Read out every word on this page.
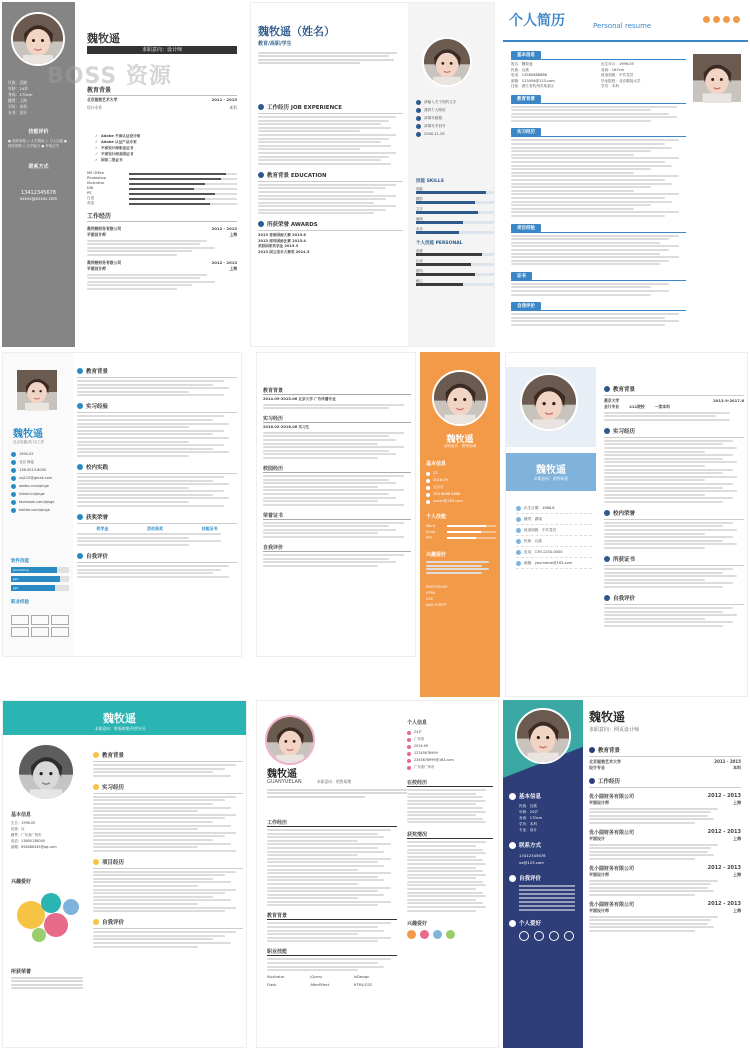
民族：汉族
年龄：24岁
身高：170cm
籍贯：上海
学历：本科
专业：设计
技能评价
● 熟练掌握 ○ 大学期间 ○ 与人沟通 ● 熟练掌握 ○ 自学能力 ● 考取证书
联系方式
13412345678
xxxxx@xxxxx.com
魏牧遥
求职意向：设计师
BOSS 资源
教育背景
北京服装艺术大学	2011 - 2015
设计专业	本科
✓ Adobe 平面认证设计师
✓ Adobe 认证产品专家
✓ 平面设计师职业证书
✓ 平面设计师高级证书
✓ 国家二级证书
MS Office
Photoshop
Illustrator
DW
PS
日语
英语
工作经历
奥利格财务有限公司	2012 - 2013
平面设计师	上海
奥利格财务有限公司	2012 - 2013
平面设计师	上海
魏牧遥（姓名）
教育/高职/学生
工作经历 JOB EXPERIENCE
教育背景 EDUCATION
所获荣誉 AWARDS
2013 香港国画大赛 2015.6
2013 深圳国画比赛 2015.4
荣获国家奖学金 2015.3
2013 国立美术大赛奖 2014.5
请输入关于你的文字
我的个人网站
请填写邮箱
请填写手机号
2000.11.29
技能 SKILLS
电脑
摄影
文字
画画
音乐
个人技能 PERSONAL
创意
行动
团结
耐心
个人简历	Personal resume
基本信息
姓名：魏牧遥	出生年月：1996.05
民族：汉族	身高：167cm
电话：13580888888	政治面貌：中共党员
邮箱：123456@123.com	毕业院校：北京服装大学
住址：浙江省杭州市某某区	学历：本科
教育背景
实习经历
项目经验
证书
自我评价
魏牧遥
社会实践/实习/工作
1994.02
北京 海淀
138-0013-8000
zsj215@gmail.com
weibo.com/qinge
linked.in/qinge
facebook.com/qinge
twitter.com/qinge
软件技能
photoshop
ppt
ppt
职业经验
教育背景
实习经验
校内实践
获奖荣誉
奖学金	活动获奖	技能证书
自我评价
教育背景
2014.09-2015.06 北京大学 广告传播专业
实习经历
2016.02-2016.06 实习生
校园经历
荣誉证书
自我评价
魏牧遥
求职意向：销售助理
基本信息
22
2016.09
北京市
159 8888 8888
xxxxx@163.com
个人技能
Word
Excel
PPT
兴趣爱好
PHOTOSHOP
HTML
CSS
JAVA SCRIPT
魏牧遥
求职意向：销售助理
出生日期：1988.8
籍贯：湖南
政治面貌：中共党员
民族：汉族
电话：139-1234-0000
邮箱：yourname@163.com
教育背景
燕京大学	2013.9-2017.6
会计专业	211院校	一类本科
实习经历
校内荣誉
所获证书
自我评价
魏牧遥
求职意向：财务助理/经营专员
基本信息
生日：1996.05
民族：汉
籍贯：广东省广州市
电话：13800138000
邮箱：656486345@qq.com
兴趣爱好
所获荣誉
教育背景
实习经历
项目经历
自我评价
魏牧遥
GUANYUELAN	求职意向：销售助理
工作经历
教育背景
职业技能
Illustrator	jQuery	InDesign
Flash	AfterEffect	HTML/CSS
个人信息
24岁
广东省
2016.09
12345678999
2345678999@163.com
广东省广州市
在校经历
获奖情况
兴趣爱好
基本信息
民族：汉族
年龄：24岁
身高：170cm
学历：本科
专业：设计
联系方式
13412345678
xx@123.com
自我评价
个人爱好
魏牧遥
求职意向：网页设计师
教育背景
北京服装艺术大学	2011 - 2015
设计专业	本科
工作经历
优小圆财务有限公司	2012 - 2013
平面设计师	上海
优小圆财务有限公司	2012 - 2013
平面设计	上海
优小圆财务有限公司	2012 - 2013
平面设计师	上海
优小圆财务有限公司	2012 - 2013
平面设计师	上海
